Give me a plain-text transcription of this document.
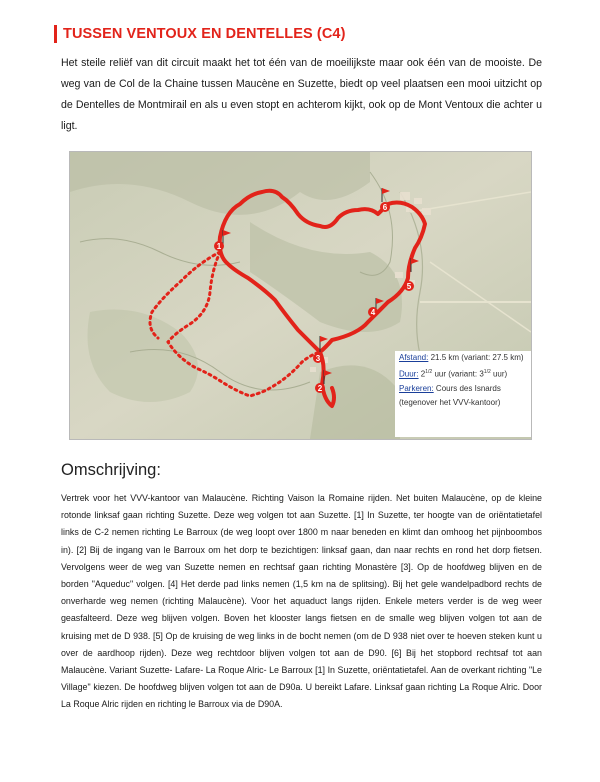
TUSSEN VENTOUX EN DENTELLES (C4)

Het steile reliëf van dit circuit maakt het tot één van de moeilijkste maar ook één van de mooiste. De weg van de Col de la Chaine tussen Maucène en Suzette, biedt op veel plaatsen een mooi uitzicht op de Dentelles de Montmirail en als u even stopt en achterom kijkt, ook op de Mont Ventoux die achter u ligt.

1
2
3
4
5
6
Afstand: 21.5 km (variant: 27.5 km)
Duur: $2^{1/2}$ uur (variant: $3^{1/2}$ uur)
Parkeren: Cours des Isnards
(tegenover het VVV-kantoor)
Omschrijving:

Vertrek voor het VVV-kantoor van Malaucène. Richting Vaison la Romaine rijden. Net buiten Malaucène, op de kleine rotonde linksaf gaan richting Suzette. Deze weg volgen tot aan Suzette. [1] In Suzette, ter hoogte van de oriëntatietafel links de C-2 nemen richting Le Barroux (de weg loopt over 1800 m naar beneden en klimt dan omhoog het pijnboombos in). [2] Bij de ingang van le Barroux om het dorp te bezichtigen: linksaf gaan, dan naar rechts en rond het dorp fietsen. Vervolgens weer de weg van Suzette nemen en rechtsaf gaan richting Monastère [3]. Op de hoofdweg blijven en de borden "Aqueduc" volgen. [4] Het derde pad links nemen (1,5 km na de splitsing). Bij het gele wandelpadbord rechts de onverharde weg nemen (richting Malaucène). Voor het aquaduct langs rijden. Enkele meters verder is de weg weer geasfalteerd. Deze weg blijven volgen. Boven het klooster langs fietsen en de smalle weg blijven volgen tot aan de kruising met de D 938. [5] Op de kruising de weg links in de bocht nemen (om de D 938 niet over te hoeven steken kunt u over de aardhoop rijden). Deze weg rechtdoor blijven volgen tot aan de D90. [6] Bij het stopbord rechtsaf tot aan Malaucène. Variant Suzette- Lafare- La Roque Alric- Le Barroux [1] In Suzette, oriëntatietafel. Aan de overkant richting "Le Village" kiezen. De hoofdweg blijven volgen tot aan de D90a. U bereikt Lafare. Linksaf gaan richting La Roque Alric. Door La Roque Alric rijden en richting le Barroux via de D90A.
